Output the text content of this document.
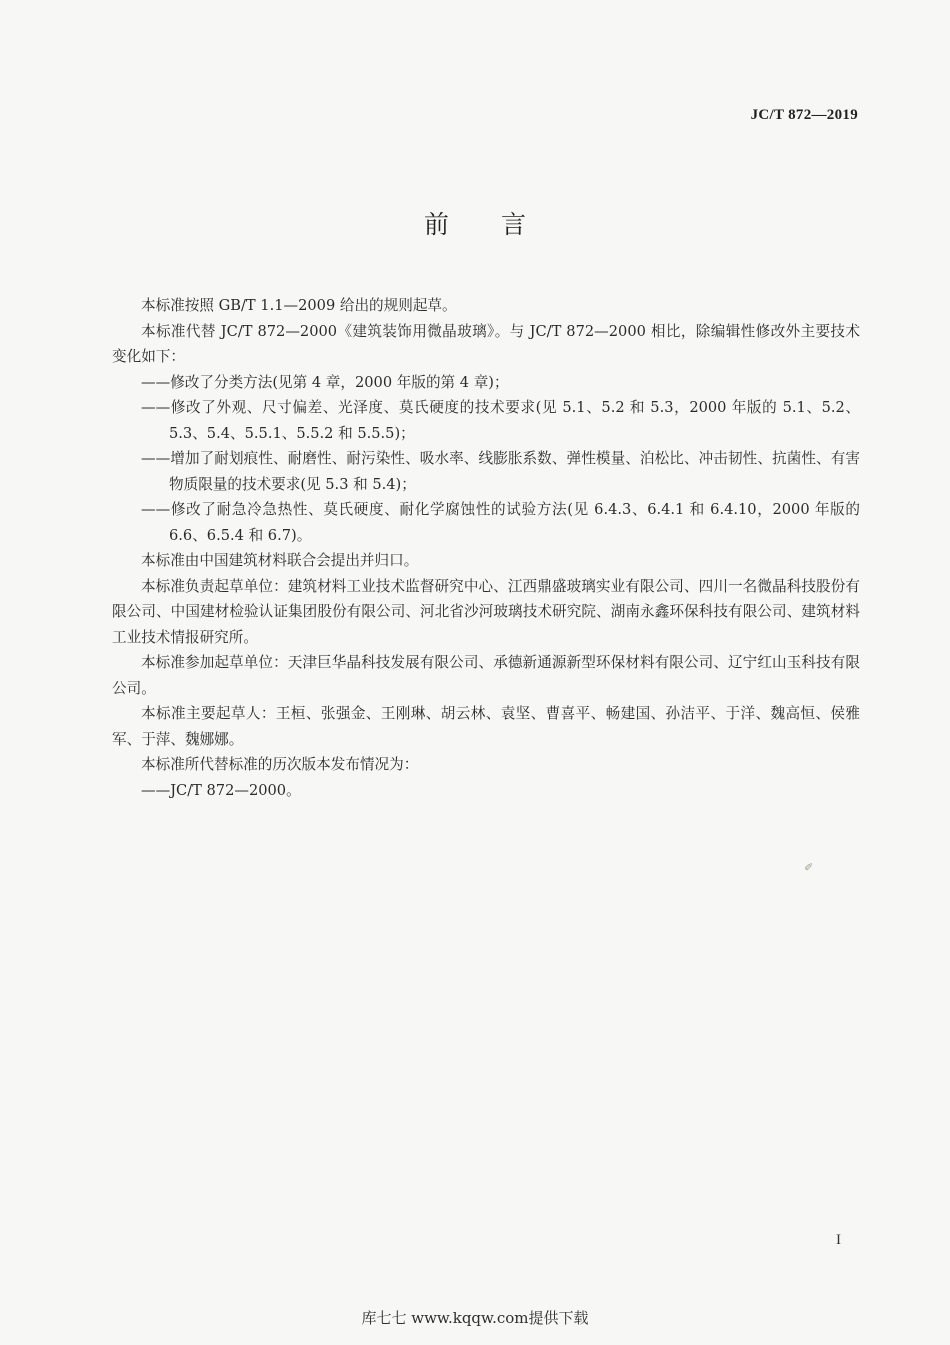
JC/T 872—2019
前言

本标准按照 GB/T 1.1—2009 给出的规则起草。

本标准代替 JC/T 872—2000《建筑装饰用微晶玻璃》。与 JC/T 872—2000 相比，除编辑性修改外主要技术变化如下：

——修改了分类方法(见第 4 章，2000 年版的第 4 章)；

——修改了外观、尺寸偏差、光泽度、莫氏硬度的技术要求(见 5.1、5.2 和 5.3，2000 年版的 5.1、5.2、5.3、5.4、5.5.1、5.5.2 和 5.5.5)；

——增加了耐划痕性、耐磨性、耐污染性、吸水率、线膨胀系数、弹性模量、泊松比、冲击韧性、抗菌性、有害物质限量的技术要求(见 5.3 和 5.4)；

——修改了耐急冷急热性、莫氏硬度、耐化学腐蚀性的试验方法(见 6.4.3、6.4.1 和 6.4.10，2000 年版的 6.6、6.5.4 和 6.7)。

本标准由中国建筑材料联合会提出并归口。

本标准负责起草单位：建筑材料工业技术监督研究中心、江西鼎盛玻璃实业有限公司、四川一名微晶科技股份有限公司、中国建材检验认证集团股份有限公司、河北省沙河玻璃技术研究院、湖南永鑫环保科技有限公司、建筑材料工业技术情报研究所。

本标准参加起草单位：天津巨华晶科技发展有限公司、承德新通源新型环保材料有限公司、辽宁红山玉科技有限公司。

本标准主要起草人：王桓、张强金、王刚琳、胡云林、袁坚、曹喜平、畅建国、孙洁平、于洋、魏高恒、侯雅军、于萍、魏娜娜。

本标准所代替标准的历次版本发布情况为：

——JC/T 872—2000。

✐
I
库七七 www.kqqw.com提供下载
